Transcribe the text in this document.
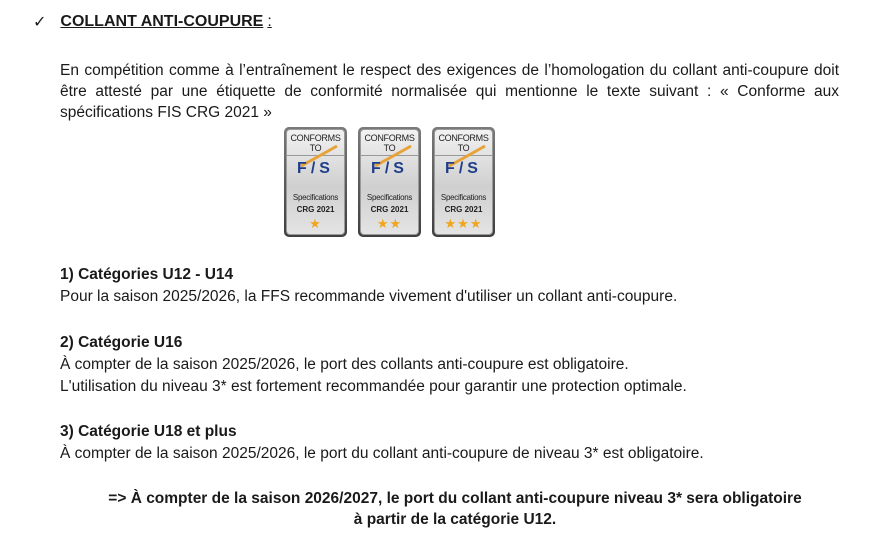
✓ COLLANT ANTI-COUPURE :
En compétition comme à l’entraînement le respect des exigences de l’homologation du collant anti-coupure doit être attesté par une étiquette de conformité normalisée qui mentionne le texte suivant : « Conforme aux spécifications FIS CRG 2021 »
CONFORMS TO
F/S
Specifications
CRG 2021
★
CONFORMS TO
F/S
Specifications
CRG 2021
★★
CONFORMS TO
F/S
Specifications
CRG 2021
★★★
1) Catégories U12 - U14
Pour la saison 2025/2026, la FFS recommande vivement d'utiliser un collant anti-coupure.
2) Catégorie U16
À compter de la saison 2025/2026, le port des collants anti-coupure est obligatoire.
L'utilisation du niveau 3* est fortement recommandée pour garantir une protection optimale.
3) Catégorie U18 et plus
À compter de la saison 2025/2026, le port du collant anti-coupure de niveau 3* est obligatoire.
=> À compter de la saison 2026/2027, le port du collant anti-coupure niveau 3* sera obligatoire
à partir de la catégorie U12.
